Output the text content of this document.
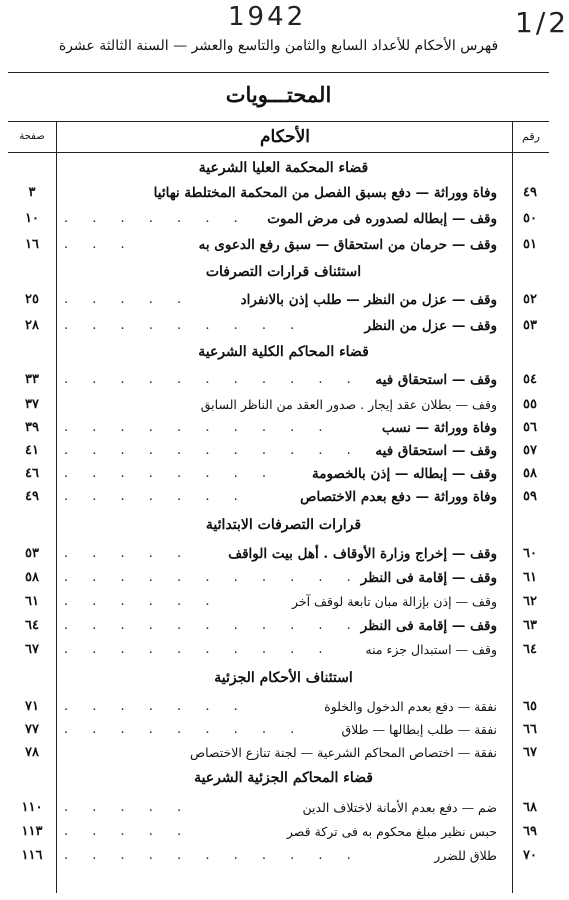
1942	1/2
فهرس الأحكام للأعداد السابع والثامن والتاسع والعشر — السنة الثالثة عشرة
المحتـــويات
رقم
الأحكام
صفحة
قضاء المحكمة العليا الشرعية
٤٩
وفاة ووراثة — دفع بسبق الفصل من المحكمة المختلطة نهائيا
٣
٥٠
وقف — إبطاله لصدوره فى مرض الموت
. . . . . . .
١٠
٥١
وقف — حرمان من استحقاق — سبق رفع الدعوى به
. . .
١٦
استئناف قرارات التصرفات
٥٢
وقف — عزل من النظر — طلب إذن بالانفراد
. . . . .
٢٥
٥٣
وقف — عزل من النظر
. . . . . . . . .
٢٨
قضاء المحاكم الكلية الشرعية
٥٤
وقف — استحقاق فيه
. . . . . . . . . . .
٣٣
٥٥
وقف — بطلان عقد إيجار . صدور العقد من الناظر السابق
٣٧
٥٦
وفاة ووراثة — نسب
. . . . . . . . . .
٣٩
٥٧
وقف — استحقاق فيه
. . . . . . . . . . .
٤١
٥٨
وقف — إبطاله — إذن بالخصومة
. . . . . . . .
٤٦
٥٩
وفاة ووراثة — دفع بعدم الاختصاص
. . . . . . .
٤٩
قرارات التصرفات الابتدائية
٦٠
وقف — إخراج وزارة الأوقاف . أهل بيت الواقف
. . . . .
٥٣
٦١
وقف — إقامة فى النظر
. . . . . . . . . . .
٥٨
٦٢
وقف — إذن بإزالة مبان تابعة لوقف آخر
. . . . . .
٦١
٦٣
وقف — إقامة فى النظر
. . . . . . . . . . .
٦٤
٦٤
وقف — استبدال جزء منه
. . . . . . . . . .
٦٧
استئناف الأحكام الجزئية
٦٥
نفقة — دفع بعدم الدخول والخلوة
. . . . . . .
٧١
٦٦
نفقة — طلب إبطالها — طلاق
. . . . . . . . .
٧٧
٦٧
نفقة — اختصاص المحاكم الشرعية — لجنة تنازع الاختصاص
٧٨
قضاء المحاكم الجزئية الشرعية
٦٨
ضم — دفع بعدم الأمانة لاختلاف الدين
. . . . .
١١٠
٦٩
حبس نظير مبلغ محكوم به فى تركة قصر
. . . . .
١١٣
٧٠
طلاق للضرر
. . . . . . . . . . .
١١٦
